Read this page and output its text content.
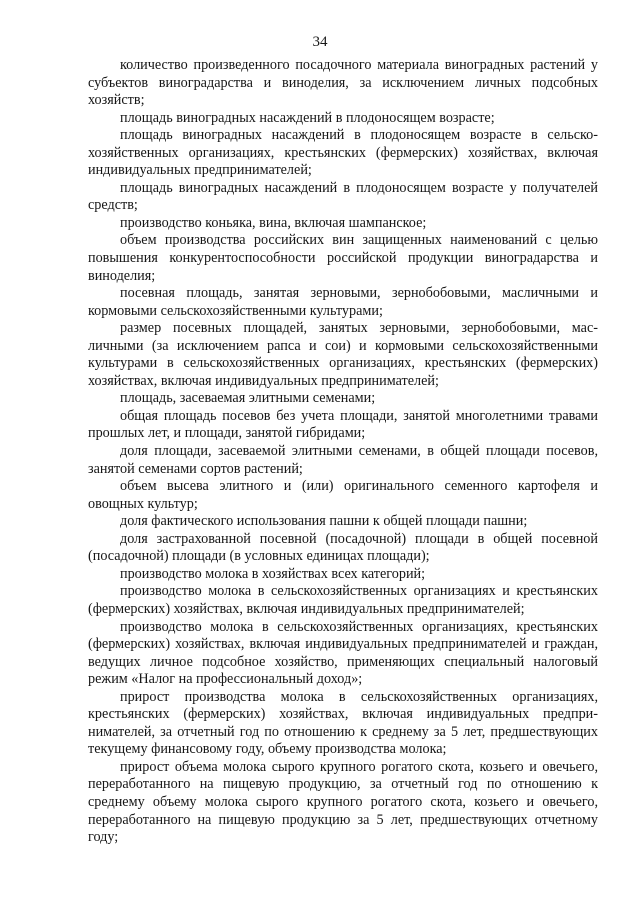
34

количество произведенного посадочного материала виноградных растений у субъектов виноградарства и виноделия, за исключением личных подсобных хозяйств;

площадь виноградных насаждений в плодоносящем возрасте;

площадь виноградных насаждений в плодоносящем возрасте в сельскохозяйственных организациях, крестьянских (фермерских) хозяйствах, включая индивидуальных предпринимателей;

площадь виноградных насаждений в плодоносящем возрасте у получателей средств;

производство коньяка, вина, включая шампанское;

объем производства российских вин защищенных наименований с целью повышения конкурентоспособности российской продукции виноградарства и виноделия;

посевная площадь, занятая зерновыми, зернобобовыми, масличными и кормовыми сельскохозяйственными культурами;

размер посевных площадей, занятых зерновыми, зернобобовыми, масличными (за исключением рапса и сои) и кормовыми сельскохозяйственными культурами в сельскохозяйственных организациях, крестьянских (фермерских) хозяйствах, включая индивидуальных предпринимателей;

площадь, засеваемая элитными семенами;

общая площадь посевов без учета площади, занятой многолетними травами прошлых лет, и площади, занятой гибридами;

доля площади, засеваемой элитными семенами, в общей площади посевов, занятой семенами сортов растений;

объем высева элитного и (или) оригинального семенного картофеля и овощных культур;

доля фактического использования пашни к общей площади пашни;

доля застрахованной посевной (посадочной) площади в общей посевной (посадочной) площади (в условных единицах площади);

производство молока в хозяйствах всех категорий;

производство молока в сельскохозяйственных организациях и крестьянских (фермерских) хозяйствах, включая индивидуальных предпринимателей;

производство молока в сельскохозяйственных организациях, крестьянских (фермерских) хозяйствах, включая индивидуальных предпринимателей и граждан, ведущих личное подсобное хозяйство, применяющих специальный налоговый режим «Налог на профессиональный доход»;

прирост производства молока в сельскохозяйственных организациях, крестьянских (фермерских) хозяйствах, включая индивидуальных предпринимателей, за отчетный год по отношению к среднему за 5 лет, предшествующих текущему финансовому году, объему производства молока;

прирост объема молока сырого крупного рогатого скота, козьего и овечьего, переработанного на пищевую продукцию, за отчетный год по отношению к среднему объему молока сырого крупного рогатого скота, козьего и овечьего, переработанного на пищевую продукцию за 5 лет, предшествующих отчетному году;
